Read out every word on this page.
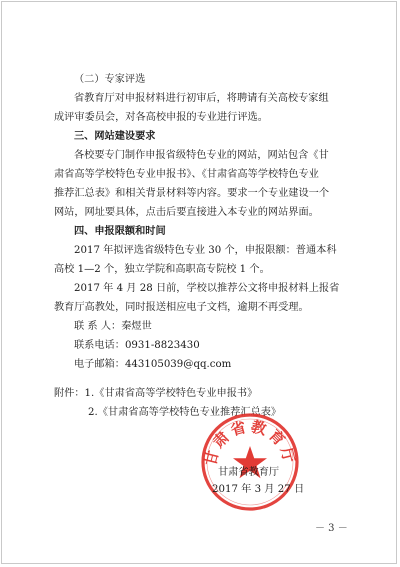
（二）专家评选
省教育厅对申报材料进行初审后，将聘请有关高校专家组
成评审委员会，对各高校申报的专业进行评选。
三、网站建设要求
各校要专门制作申报省级特色专业的网站，网站包含《甘
肃省高等学校特色专业申报书》、《甘肃省高等学校特色专业
推荐汇总表》和相关背景材料等内容。要求一个专业建设一个
网站，网址要具体，点击后要直接进入本专业的网站界面。
四、申报限额和时间
2017 年拟评选省级特色专业 30 个，申报限额：普通本科
高校 1—2 个，独立学院和高职高专院校 1 个。
2017 年 4 月 28 日前，学校以推荐公文将申报材料上报省
教育厅高教处，同时报送相应电子文档，逾期不再受理。
联 系 人：秦煜世
联系电话：0931-8823430
电子邮箱：443105039@qq.com
附件：1.《甘肃省高等学校特色专业申报书》
2.《甘肃省高等学校特色专业推荐汇总表》
甘肃省教育厅
甘肃省教育厅
2017 年 3 月 27 日
－ 3 －
